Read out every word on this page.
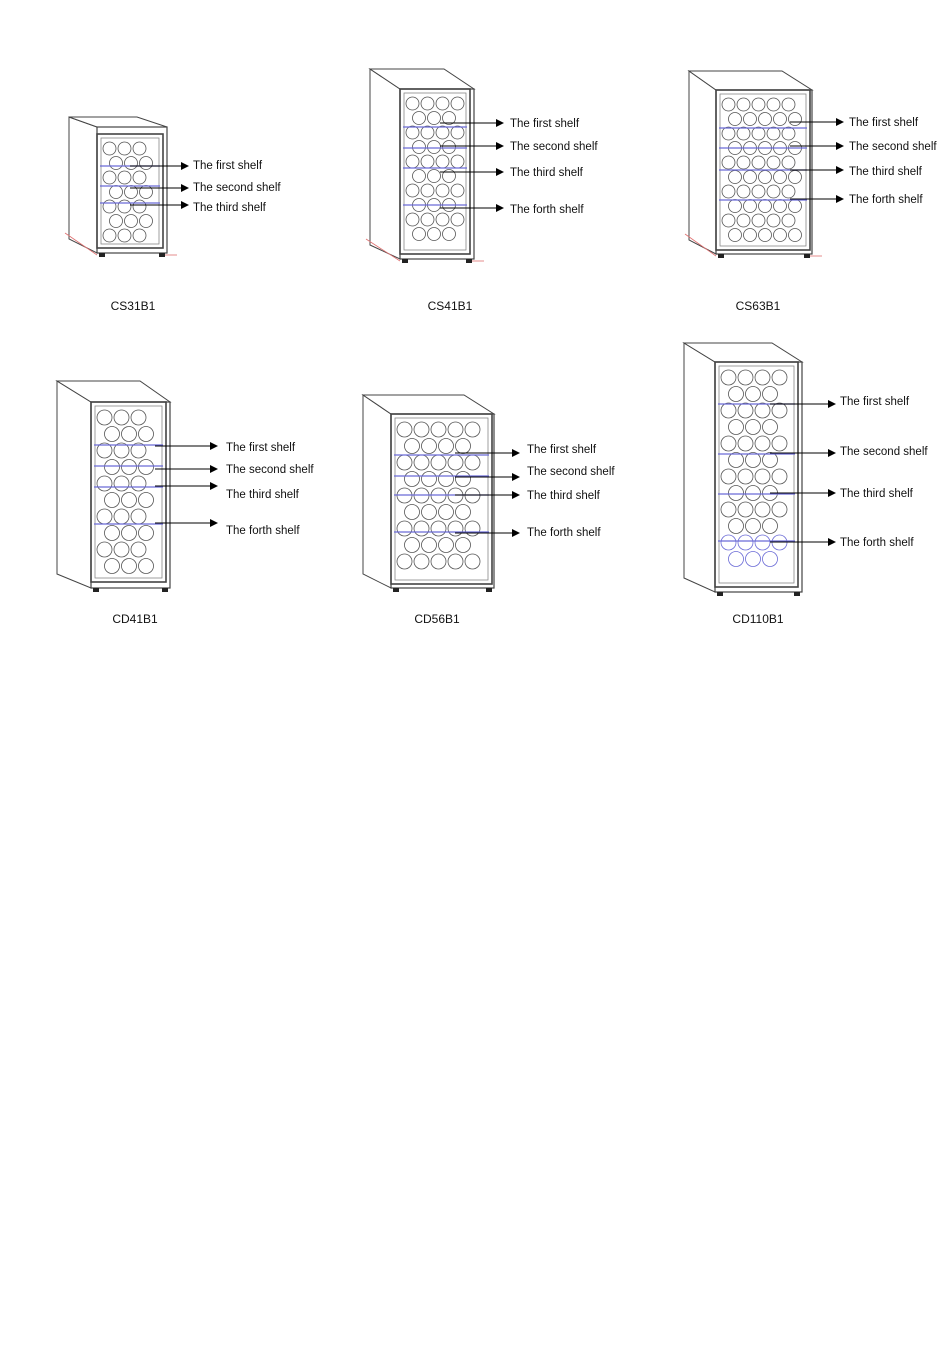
The first shelf
The second shelf
The third shelf
CS31B1
The first shelf
The second shelf
The third shelf
The forth shelf
CS41B1
The first shelf
The second shelf
The third shelf
The forth shelf
CS63B1
The first shelf
The second shelf
The third shelf
The forth shelf
CD41B1
The first shelf
The second shelf
The third shelf
The forth shelf
CD56B1
The first shelf
The second shelf
The third shelf
The forth shelf
CD110B1
